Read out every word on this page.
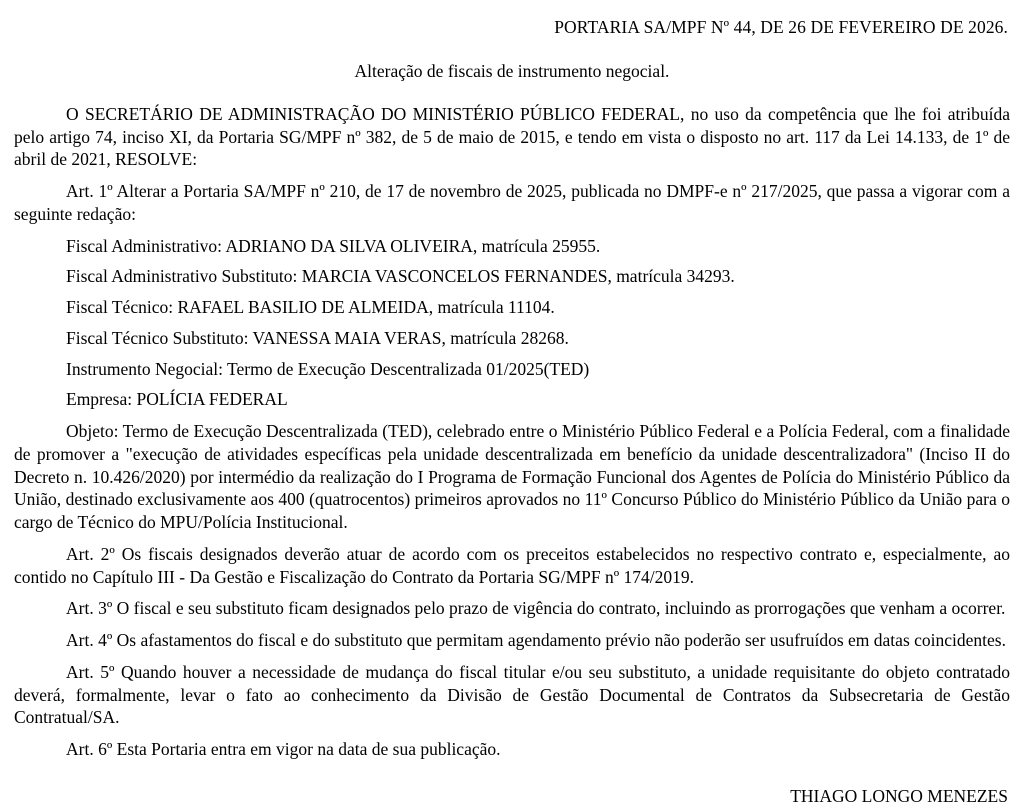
PORTARIA SA/MPF Nº 44, DE 26 DE FEVEREIRO DE 2026.
Alteração de fiscais de instrumento negocial.

O SECRETÁRIO DE ADMINISTRAÇÃO DO MINISTÉRIO PÚBLICO FEDERAL, no uso da competência que lhe foi atribuída pelo artigo 74, inciso XI, da Portaria SG/MPF nº 382, de 5 de maio de 2015, e tendo em vista o disposto no art. 117 da Lei 14.133, de 1º de abril de 2021, RESOLVE:

Art. 1º Alterar a Portaria SA/MPF nº 210, de 17 de novembro de 2025, publicada no DMPF-e nº 217/2025, que passa a vigorar com a seguinte redação:

Fiscal Administrativo: ADRIANO DA SILVA OLIVEIRA, matrícula 25955.
Fiscal Administrativo Substituto: MARCIA VASCONCELOS FERNANDES, matrícula 34293.
Fiscal Técnico: RAFAEL BASILIO DE ALMEIDA, matrícula 11104.
Fiscal Técnico Substituto: VANESSA MAIA VERAS, matrícula 28268.
Instrumento Negocial: Termo de Execução Descentralizada 01/2025(TED)
Empresa: POLÍCIA FEDERAL

Objeto: Termo de Execução Descentralizada (TED), celebrado entre o Ministério Público Federal e a Polícia Federal, com a finalidade de promover a "execução de atividades específicas pela unidade descentralizada em benefício da unidade descentralizadora" (Inciso II do Decreto n. 10.426/2020) por intermédio da realização do I Programa de Formação Funcional dos Agentes de Polícia do Ministério Público da União, destinado exclusivamente aos 400 (quatrocentos) primeiros aprovados no 11º Concurso Público do Ministério Público da União para o cargo de Técnico do MPU/Polícia Institucional.

Art. 2º Os fiscais designados deverão atuar de acordo com os preceitos estabelecidos no respectivo contrato e, especialmente, ao contido no Capítulo III - Da Gestão e Fiscalização do Contrato da Portaria SG/MPF nº 174/2019.

Art. 3º O fiscal e seu substituto ficam designados pelo prazo de vigência do contrato, incluindo as prorrogações que venham a ocorrer.

Art. 4º Os afastamentos do fiscal e do substituto que permitam agendamento prévio não poderão ser usufruídos em datas coincidentes.

Art. 5º Quando houver a necessidade de mudança do fiscal titular e/ou seu substituto, a unidade requisitante do objeto contratado deverá, formalmente, levar o fato ao conhecimento da Divisão de Gestão Documental de Contratos da Subsecretaria de Gestão Contratual/SA.

Art. 6º Esta Portaria entra em vigor na data de sua publicação.

THIAGO LONGO MENEZES
